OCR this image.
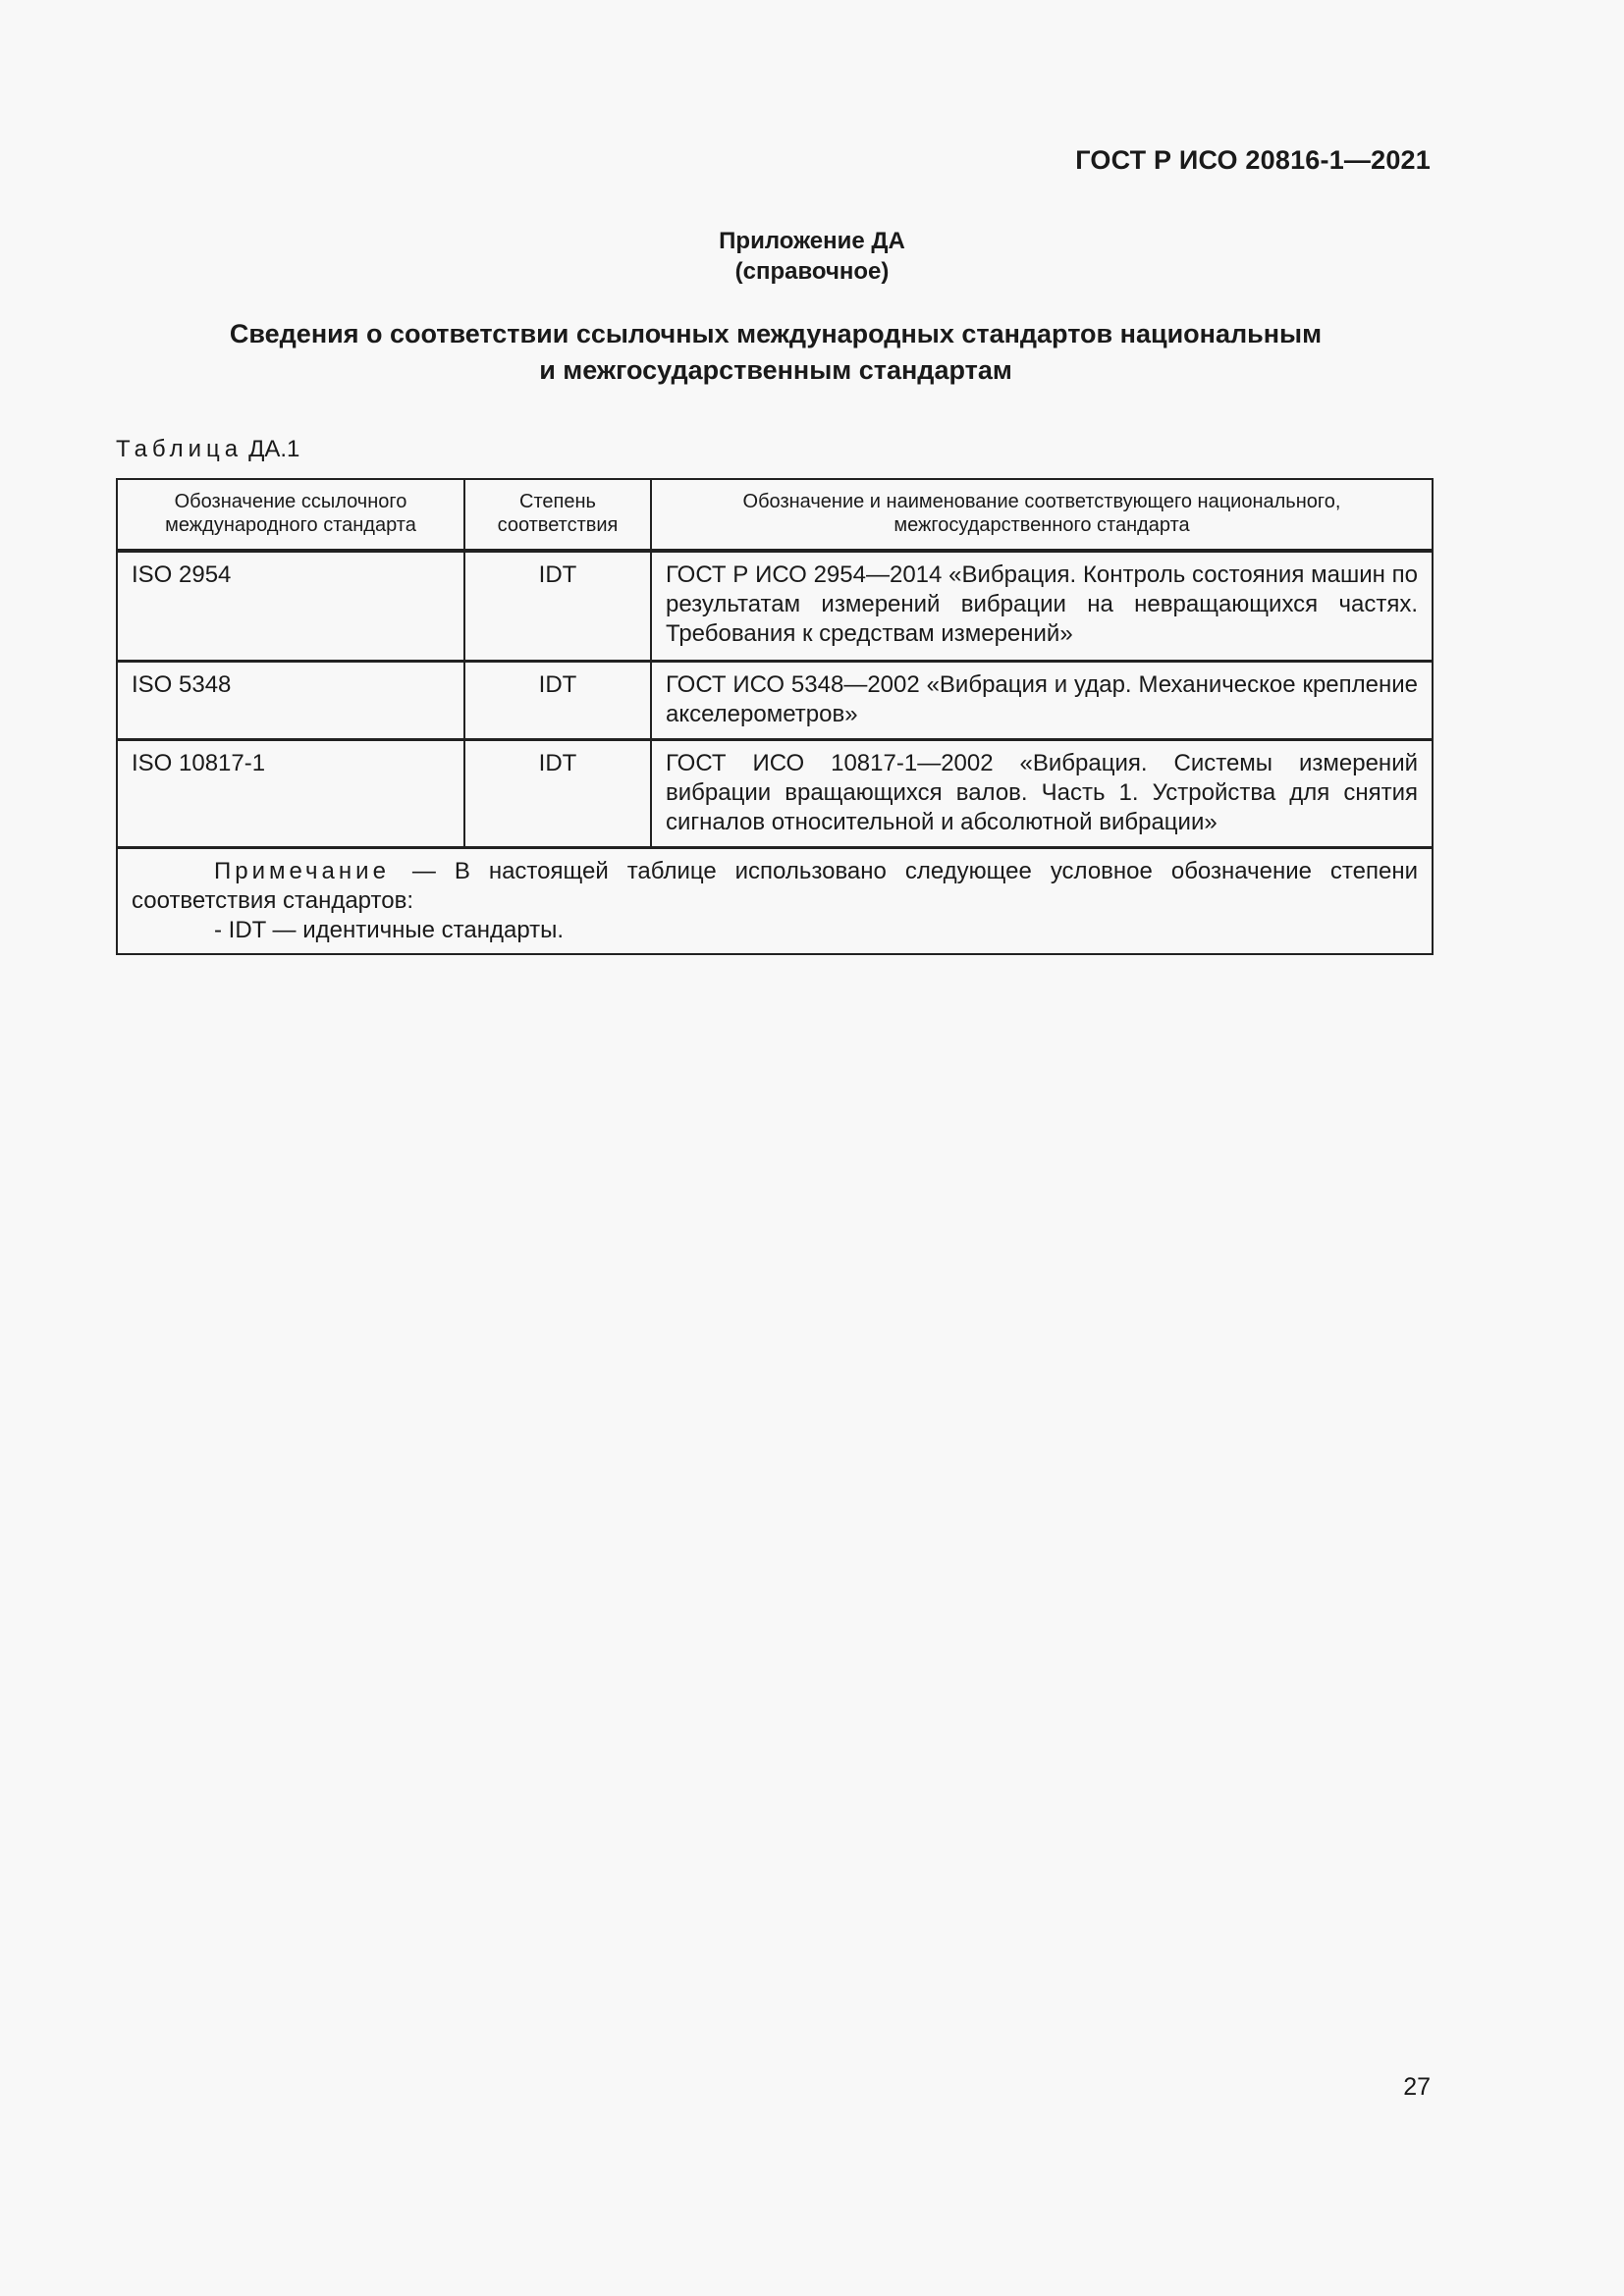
ГОСТ Р ИСО 20816-1—2021
Приложение ДА
(справочное)
Сведения о соответствии ссылочных международных стандартов национальным
и межгосударственным стандартам
Таблица ДА.1
Обозначение ссылочного международного стандарта	Степень соответствия	Обозначение и наименование соответствующего национального, межгосударственного стандарта
ISO 2954	IDT	ГОСТ Р ИСО 2954—2014 «Вибрация. Контроль состояния машин по результатам измерений вибрации на невращающихся частях. Требования к средствам измерений»
ISO 5348	IDT	ГОСТ ИСО 5348—2002 «Вибрация и удар. Механическое крепление акселерометров»
ISO 10817-1	IDT	ГОСТ ИСО 10817-1—2002 «Вибрация. Системы измерений вибрации вращающихся валов. Часть 1. Устройства для снятия сигналов относительной и абсолютной вибрации»

Примечание — В настоящей таблице использовано следующее условное обозначение степени соответствия стандартов:
- IDT — идентичные стандарты.		
27
